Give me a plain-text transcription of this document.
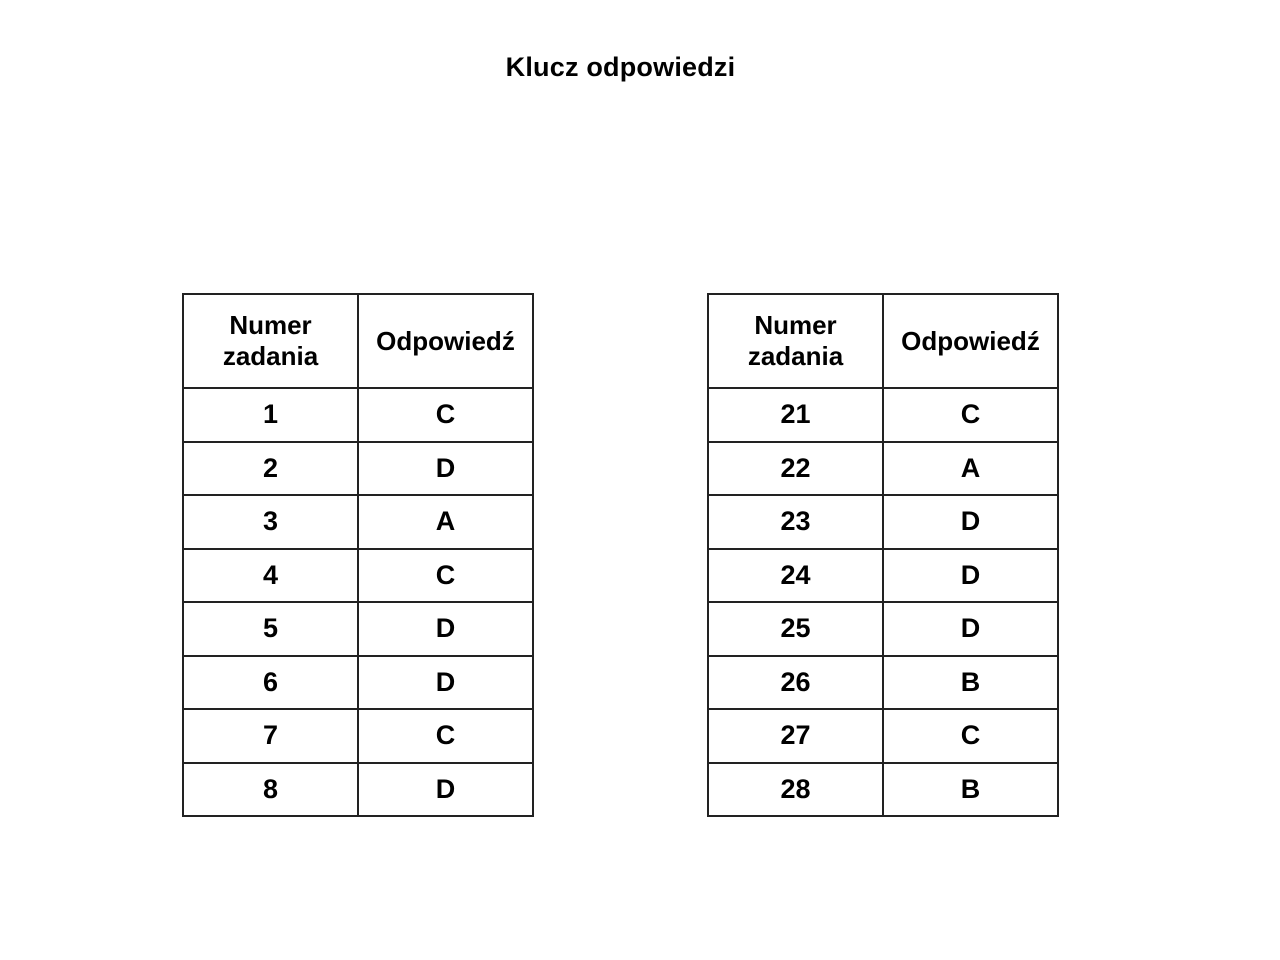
Klucz odpowiedzi
Numer zadania	Odpowiedź
1	C
2	D
3	A
4	C
5	D
6	D
7	C
8	D

Numer zadania	Odpowiedź
21	C
22	A
23	D
24	D
25	D
26	B
27	C
28	B
